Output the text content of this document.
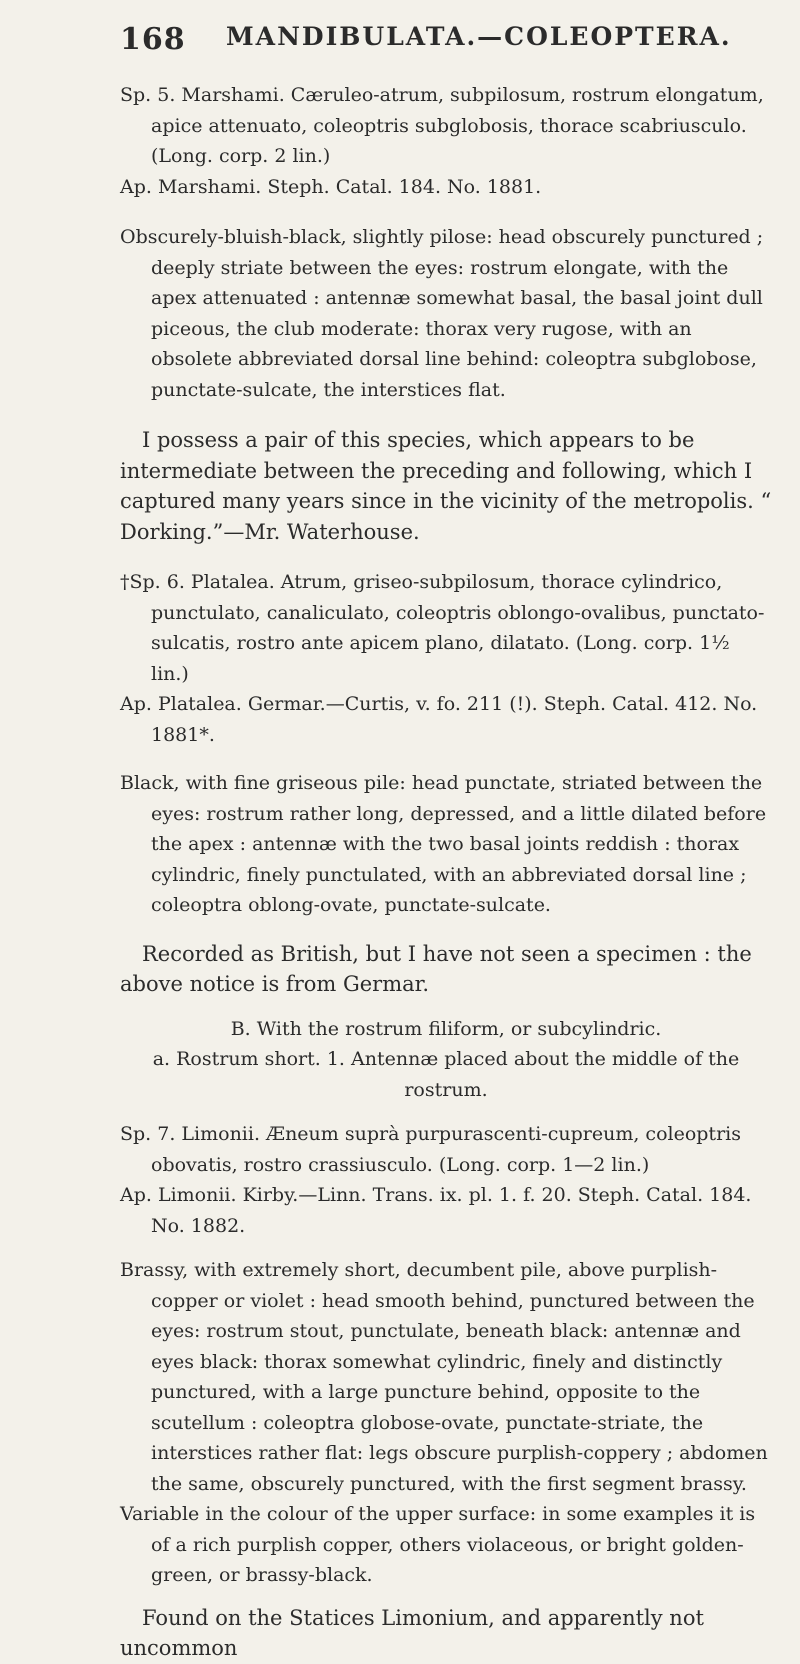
168 MANDIBULATA.—COLEOPTERA.

Sp. 5. Marshami. Cæruleo-atrum, subpilosum, rostrum elongatum, apice attenuato, coleoptris subglobosis, thorace scabriusculo. (Long. corp. 2 lin.)

Ap. Marshami. Steph. Catal. 184. No. 1881.

Obscurely-bluish-black, slightly pilose: head obscurely punctured ; deeply striate between the eyes: rostrum elongate, with the apex attenuated : antennæ somewhat basal, the basal joint dull piceous, the club moderate: thorax very rugose, with an obsolete abbreviated dorsal line behind: coleoptra subglobose, punctate-sulcate, the interstices flat.

I possess a pair of this species, which appears to be intermediate between the preceding and following, which I captured many years since in the vicinity of the metropolis. “ Dorking.”—Mr. Waterhouse.

†Sp. 6. Platalea. Atrum, griseo-subpilosum, thorace cylindrico, punctulato, canaliculato, coleoptris oblongo-ovalibus, punctato-sulcatis, rostro ante apicem plano, dilatato. (Long. corp. 1½ lin.)

Ap. Platalea. Germar.—Curtis, v. fo. 211 (!). Steph. Catal. 412. No. 1881*.

Black, with fine griseous pile: head punctate, striated between the eyes: rostrum rather long, depressed, and a little dilated before the apex : antennæ with the two basal joints reddish : thorax cylindric, finely punctulated, with an abbreviated dorsal line ; coleoptra oblong-ovate, punctate-sulcate.

Recorded as British, but I have not seen a specimen : the above notice is from Germar.

B. With the rostrum filiform, or subcylindric.

a. Rostrum short. 1. Antennæ placed about the middle of the rostrum.

Sp. 7. Limonii. Æneum suprà purpurascenti-cupreum, coleoptris obovatis, rostro crassiusculo. (Long. corp. 1—2 lin.)

Ap. Limonii. Kirby.—Linn. Trans. ix. pl. 1. f. 20. Steph. Catal. 184. No. 1882.

Brassy, with extremely short, decumbent pile, above purplish-copper or violet : head smooth behind, punctured between the eyes: rostrum stout, punctulate, beneath black: antennæ and eyes black: thorax somewhat cylindric, finely and distinctly punctured, with a large puncture behind, opposite to the scutellum : coleoptra globose-ovate, punctate-striate, the interstices rather flat: legs obscure purplish-coppery ; abdomen the same, obscurely punctured, with the first segment brassy.

Variable in the colour of the upper surface: in some examples it is of a rich purplish copper, others violaceous, or bright golden-green, or brassy-black.

Found on the Statices Limonium, and apparently not uncommon
